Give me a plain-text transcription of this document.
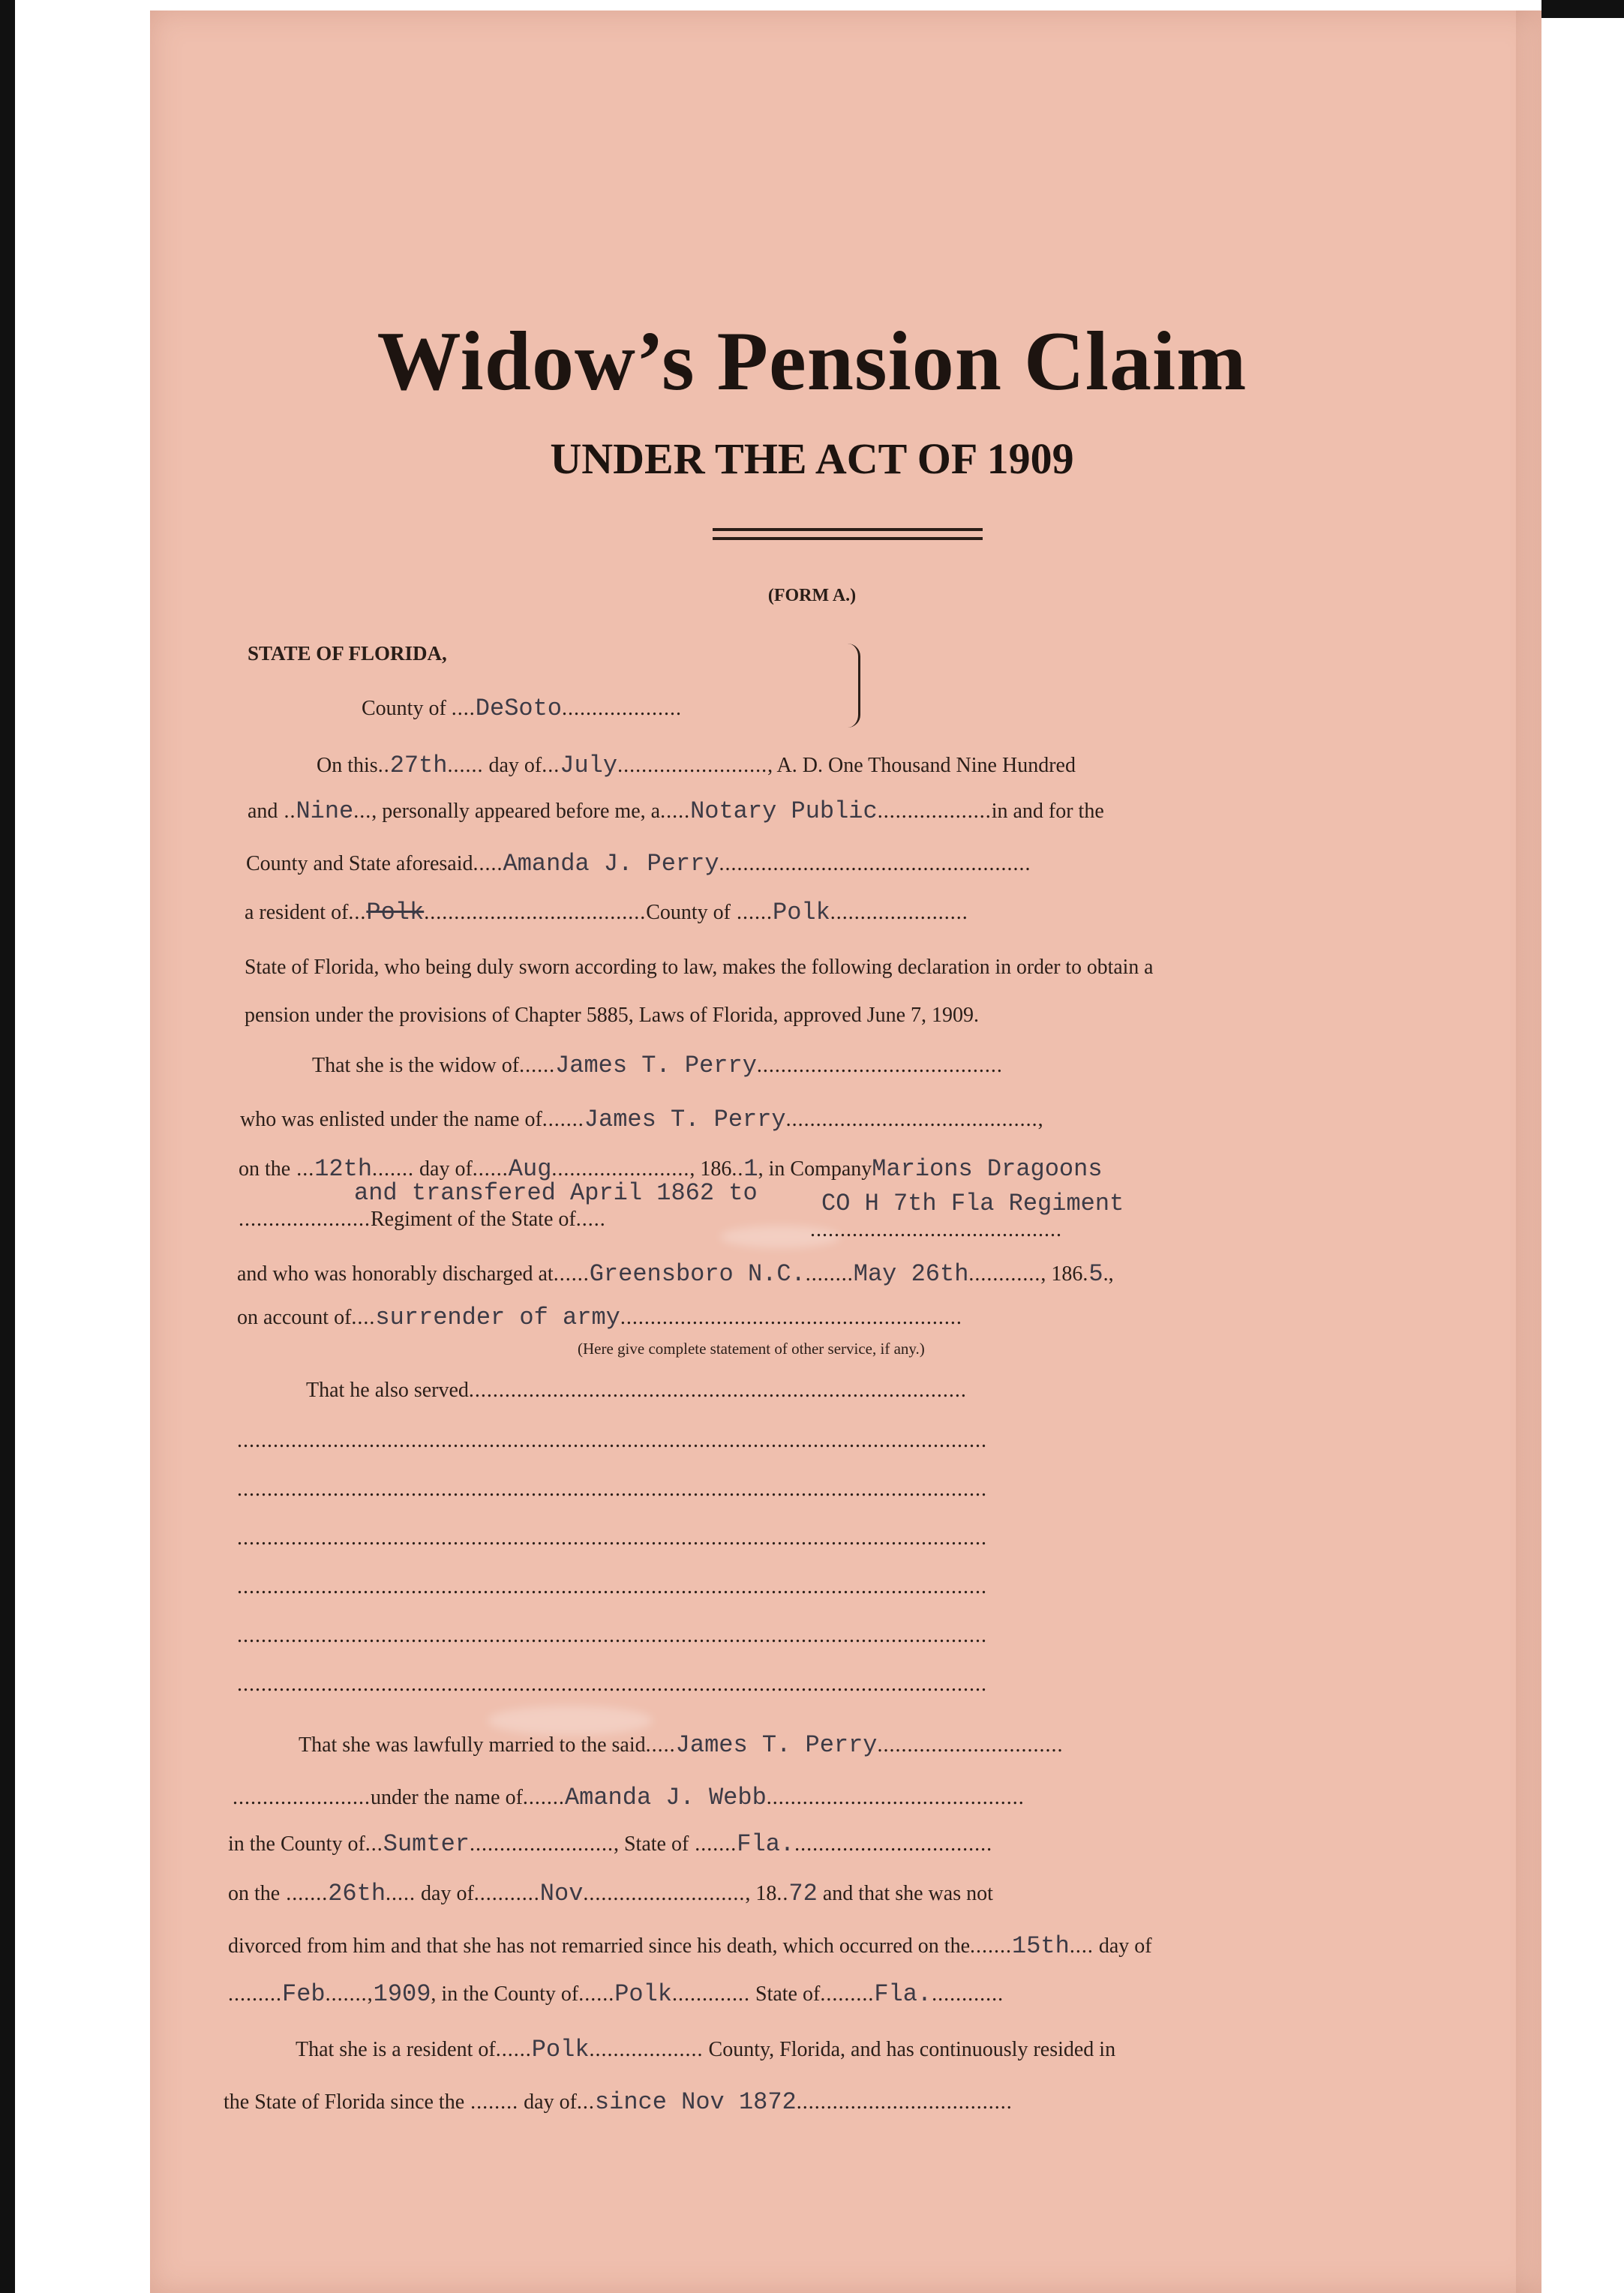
Widow’s Pension Claim
UNDER THE ACT OF 1909
(FORM A.)
STATE OF FLORIDA,
County of ....DeSoto....................
On this..27th...... day of...July........................., A. D. One Thousand Nine Hundred
and ..Nine..., personally appeared before me, a.....Notary Public...................in and for the
County and State aforesaid.....Amanda J. Perry....................................................
a resident of...Polk.....................................County of ......Polk.......................
State of Florida, who being duly sworn according to law, makes the following declaration in order to obtain a
pension under the provisions of Chapter 5885, Laws of Florida, approved June 7, 1909.
That she is the widow of......James T. Perry.........................................
who was enlisted under the name of.......James T. Perry..........................................,
on the ...12th....... day of......Aug......................., 186..1, in CompanyMarions Dragoons
and transfered April 1862 to
......................Regiment of the State of.....
CO H 7th Fla Regiment
..........................................
and who was honorably discharged at......Greensboro N.C.........May 26th............, 186.5.,
on account of....surrender of army.........................................................
(Here give complete statement of other service, if any.)
That he also served...................................................................................
.............................................................................................................................
.............................................................................................................................
.............................................................................................................................
.............................................................................................................................
.............................................................................................................................
.............................................................................................................................
That she was lawfully married to the said.....James T. Perry...............................
.......................under the name of.......Amanda J. Webb...........................................
in the County of...Sumter........................, State of .......Fla..................................
on the .......26th..... day of...........Nov..........................., 18..72 and that she was not
divorced from him and that she has not remarried since his death, which occurred on the.......15th.... day of
.........Feb.......,1909, in the County of......Polk............. State of.........Fla.............
That she is a resident of......Polk................... County, Florida, and has continuously resided in
the State of Florida since the ........ day of...since Nov 1872....................................
